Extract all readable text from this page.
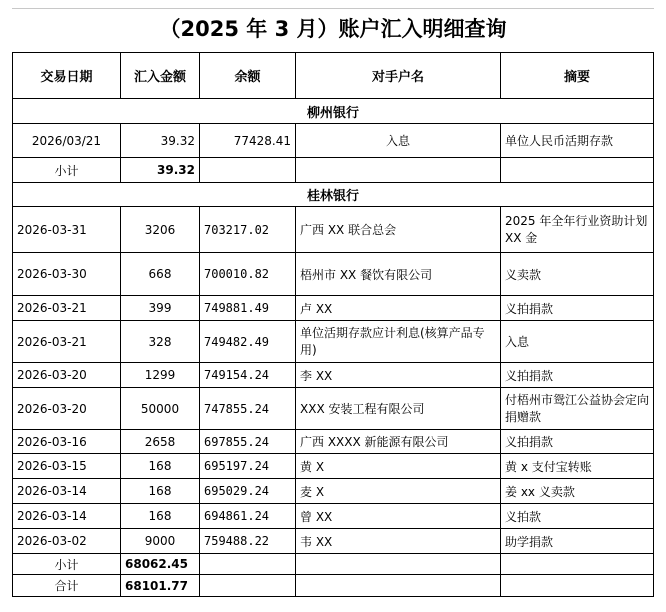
（2025 年 3 月）账户汇入明细查询
交易日期	汇入金额	余额	对手户名	摘要
柳州银行				
2026/03/21	39.32	77428.41	入息	单位人民币活期存款
小计	39.32			
桂林银行				
2026-03-31	3206	703217.02	广西 XX 联合总会	2025 年全年行业资助计划 XX 金
2026-03-30	668	700010.82	梧州市 XX 餐饮有限公司	义卖款
2026-03-21	399	749881.49	卢 XX	义拍捐款
2026-03-21	328	749482.49	单位活期存款应计利息(核算产品专用)	入息
2026-03-20	1299	749154.24	李 XX	义拍捐款
2026-03-20	50000	747855.24	XXX 安装工程有限公司	付梧州市鸳江公益协会定向捐赠款
2026-03-16	2658	697855.24	广西 XXXX 新能源有限公司	义拍捐款
2026-03-15	168	695197.24	黄 X	黄 x 支付宝转账
2026-03-14	168	695029.24	麦 X	姜 xx 义卖款
2026-03-14	168	694861.24	曾 XX	义拍款
2026-03-02	9000	759488.22	韦 XX	助学捐款
小计	68062.45			
合计	68101.77			
